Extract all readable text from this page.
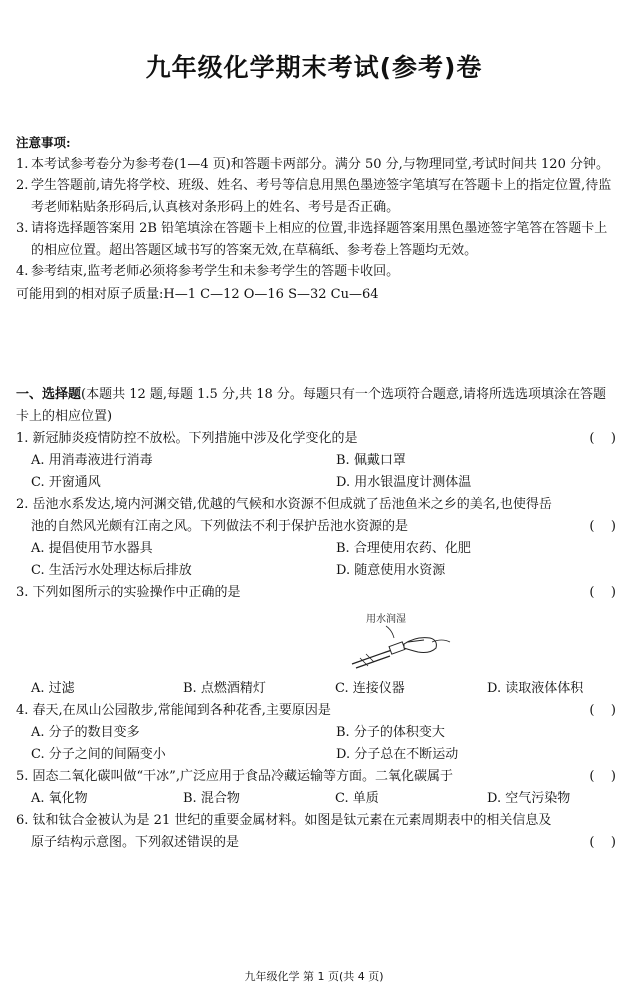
九年级化学期末考试(参考)卷
注意事项:
1. 本考试参考卷分为参考卷(1—4 页)和答题卡两部分。满分 50 分,与物理同堂,考试时间共 120 分钟。
2. 学生答题前,请先将学校、班级、姓名、考号等信息用黑色墨迹签字笔填写在答题卡上的指定位置,待监考老师粘贴条形码后,认真核对条形码上的姓名、考号是否正确。
3. 请将选择题答案用 2B 铅笔填涂在答题卡上相应的位置,非选择题答案用黑色墨迹签字笔答在答题卡上的相应位置。超出答题区域书写的答案无效,在草稿纸、参考卷上答题均无效。
4. 参考结束,监考老师必须将参考学生和未参考学生的答题卡收回。
可能用到的相对原子质量:H—1 C—12 O—16 S—32 Cu—64
一、选择题(本题共 12 题,每题 1.5 分,共 18 分。每题只有一个选项符合题意,请将所选选项填涂在答题卡上的相应位置)
1. 新冠肺炎疫情防控不放松。下列措施中涉及化学变化的是	(    )
A. 用消毒液进行消毒	B. 佩戴口罩
C. 开窗通风	D. 用水银温度计测体温
2. 岳池水系发达,境内河渊交错,优越的气候和水资源不但成就了岳池鱼米之乡的美名,也使得岳池的自然风光颇有江南之风。下列做法不利于保护岳池水资源的是	(    )
A. 提倡使用节水器具	B. 合理使用农药、化肥
C. 生活污水处理达标后排放	D. 随意使用水资源
3. 下列如图所示的实验操作中正确的是	(    )
用水润湿
A. 过滤	B. 点燃酒精灯	C. 连接仪器	D. 读取液体体积
4. 春天,在凤山公园散步,常能闻到各种花香,主要原因是	(    )
A. 分子的数目变多	B. 分子的体积变大
C. 分子之间的间隔变小	D. 分子总在不断运动
5. 固态二氧化碳叫做“干冰”,广泛应用于食品冷藏运输等方面。二氧化碳属于	(    )
A. 氧化物	B. 混合物	C. 单质	D. 空气污染物
6. 钛和钛合金被认为是 21 世纪的重要金属材料。如图是钛元素在元素周期表中的相关信息及原子结构示意图。下列叙述错误的是	(    )
九年级化学 第 1 页(共 4 页)
